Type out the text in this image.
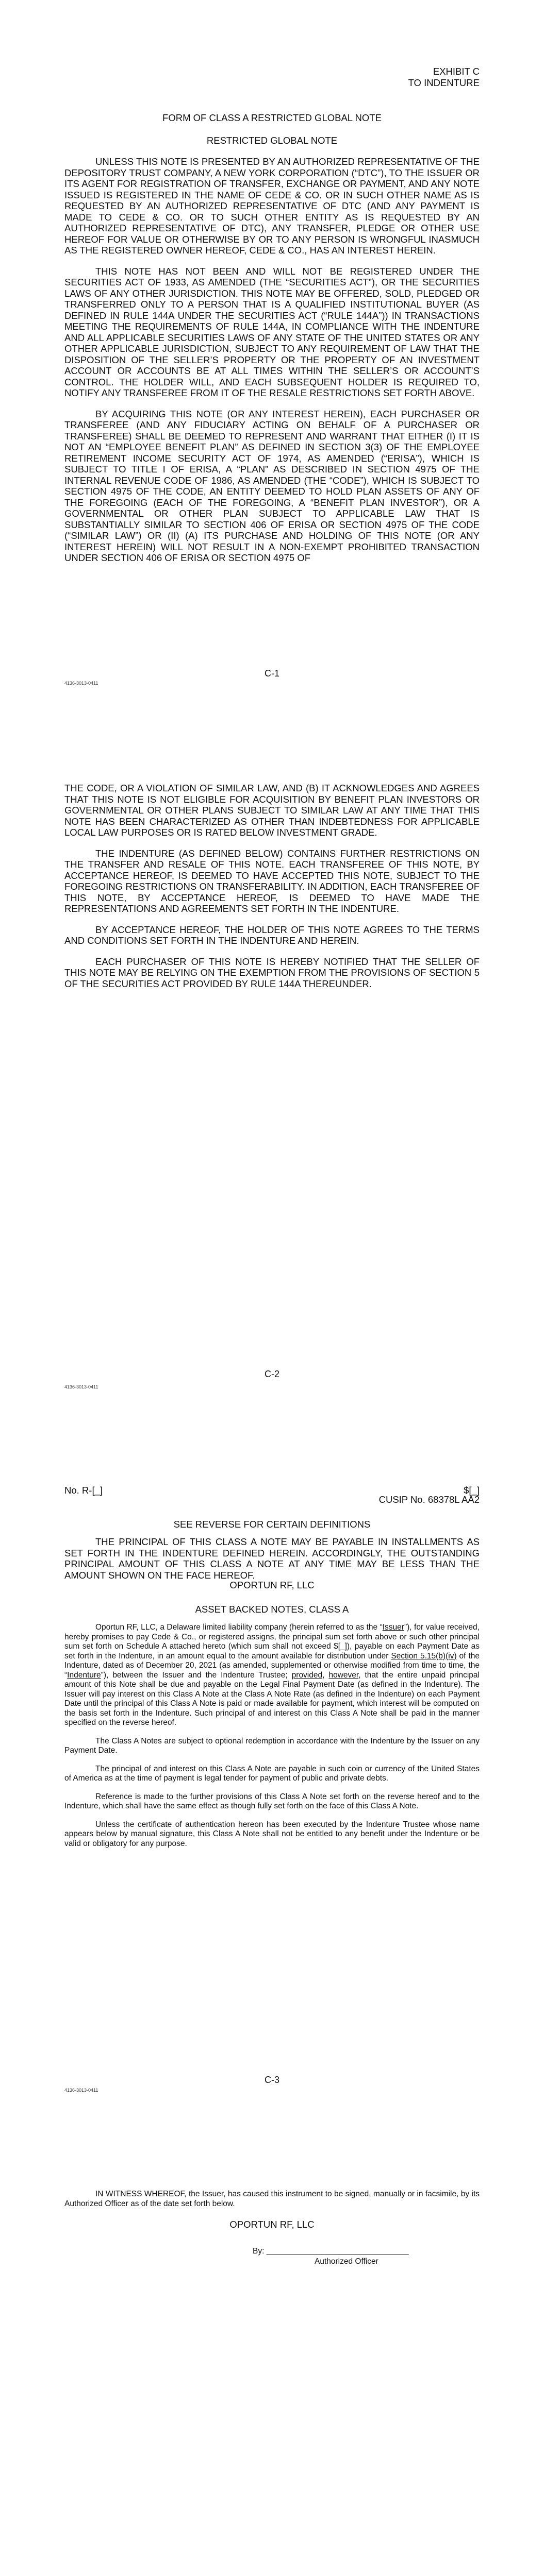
EXHIBIT C
TO INDENTURE
FORM OF CLASS A RESTRICTED GLOBAL NOTE
RESTRICTED GLOBAL NOTE

UNLESS THIS NOTE IS PRESENTED BY AN AUTHORIZED REPRESENTATIVE OF THE DEPOSITORY TRUST COMPANY, A NEW YORK CORPORATION (“DTC”), TO THE ISSUER OR ITS AGENT FOR REGISTRATION OF TRANSFER, EXCHANGE OR PAYMENT, AND ANY NOTE ISSUED IS REGISTERED IN THE NAME OF CEDE & CO. OR IN SUCH OTHER NAME AS IS REQUESTED BY AN AUTHORIZED REPRESENTATIVE OF DTC (AND ANY PAYMENT IS MADE TO CEDE & CO. OR TO SUCH OTHER ENTITY AS IS REQUESTED BY AN AUTHORIZED REPRESENTATIVE OF DTC), ANY TRANSFER, PLEDGE OR OTHER USE HEREOF FOR VALUE OR OTHERWISE BY OR TO ANY PERSON IS WRONGFUL INASMUCH AS THE REGISTERED OWNER HEREOF, CEDE & CO., HAS AN INTEREST HEREIN.

THIS NOTE HAS NOT BEEN AND WILL NOT BE REGISTERED UNDER THE SECURITIES ACT OF 1933, AS AMENDED (THE “SECURITIES ACT”), OR THE SECURITIES LAWS OF ANY OTHER JURISDICTION. THIS NOTE MAY BE OFFERED, SOLD, PLEDGED OR TRANSFERRED ONLY TO A PERSON THAT IS A QUALIFIED INSTITUTIONAL BUYER (AS DEFINED IN RULE 144A UNDER THE SECURITIES ACT (“RULE 144A”)) IN TRANSACTIONS MEETING THE REQUIREMENTS OF RULE 144A, IN COMPLIANCE WITH THE INDENTURE AND ALL APPLICABLE SECURITIES LAWS OF ANY STATE OF THE UNITED STATES OR ANY OTHER APPLICABLE JURISDICTION, SUBJECT TO ANY REQUIREMENT OF LAW THAT THE DISPOSITION OF THE SELLER’S PROPERTY OR THE PROPERTY OF AN INVESTMENT ACCOUNT OR ACCOUNTS BE AT ALL TIMES WITHIN THE SELLER’S OR ACCOUNT’S CONTROL. THE HOLDER WILL, AND EACH SUBSEQUENT HOLDER IS REQUIRED TO, NOTIFY ANY TRANSFEREE FROM IT OF THE RESALE RESTRICTIONS SET FORTH ABOVE.

BY ACQUIRING THIS NOTE (OR ANY INTEREST HEREIN), EACH PURCHASER OR TRANSFEREE (AND ANY FIDUCIARY ACTING ON BEHALF OF A PURCHASER OR TRANSFEREE) SHALL BE DEEMED TO REPRESENT AND WARRANT THAT EITHER (I) IT IS NOT AN “EMPLOYEE BENEFIT PLAN” AS DEFINED IN SECTION 3(3) OF THE EMPLOYEE RETIREMENT INCOME SECURITY ACT OF 1974, AS AMENDED (“ERISA”), WHICH IS SUBJECT TO TITLE I OF ERISA, A “PLAN” AS DESCRIBED IN SECTION 4975 OF THE INTERNAL REVENUE CODE OF 1986, AS AMENDED (THE “CODE”), WHICH IS SUBJECT TO SECTION 4975 OF THE CODE, AN ENTITY DEEMED TO HOLD PLAN ASSETS OF ANY OF THE FOREGOING (EACH OF THE FOREGOING, A “BENEFIT PLAN INVESTOR”), OR A GOVERNMENTAL OR OTHER PLAN SUBJECT TO APPLICABLE LAW THAT IS SUBSTANTIALLY SIMILAR TO SECTION 406 OF ERISA OR SECTION 4975 OF THE CODE (“SIMILAR LAW”) OR (II) (A) ITS PURCHASE AND HOLDING OF THIS NOTE (OR ANY INTEREST HEREIN) WILL NOT RESULT IN A NON-EXEMPT PROHIBITED TRANSACTION UNDER SECTION 406 OF ERISA OR SECTION 4975 OF

C-1
4136-3013-0411

THE CODE, OR A VIOLATION OF SIMILAR LAW, AND (B) IT ACKNOWLEDGES AND AGREES THAT THIS NOTE IS NOT ELIGIBLE FOR ACQUISITION BY BENEFIT PLAN INVESTORS OR GOVERNMENTAL OR OTHER PLANS SUBJECT TO SIMILAR LAW AT ANY TIME THAT THIS NOTE HAS BEEN CHARACTERIZED AS OTHER THAN INDEBTEDNESS FOR APPLICABLE LOCAL LAW PURPOSES OR IS RATED BELOW INVESTMENT GRADE.

THE INDENTURE (AS DEFINED BELOW) CONTAINS FURTHER RESTRICTIONS ON THE TRANSFER AND RESALE OF THIS NOTE. EACH TRANSFEREE OF THIS NOTE, BY ACCEPTANCE HEREOF, IS DEEMED TO HAVE ACCEPTED THIS NOTE, SUBJECT TO THE FOREGOING RESTRICTIONS ON TRANSFERABILITY. IN ADDITION, EACH TRANSFEREE OF THIS NOTE, BY ACCEPTANCE HEREOF, IS DEEMED TO HAVE MADE THE REPRESENTATIONS AND AGREEMENTS SET FORTH IN THE INDENTURE.

BY ACCEPTANCE HEREOF, THE HOLDER OF THIS NOTE AGREES TO THE TERMS AND CONDITIONS SET FORTH IN THE INDENTURE AND HEREIN.

EACH PURCHASER OF THIS NOTE IS HEREBY NOTIFIED THAT THE SELLER OF THIS NOTE MAY BE RELYING ON THE EXEMPTION FROM THE PROVISIONS OF SECTION 5 OF THE SECURITIES ACT PROVIDED BY RULE 144A THEREUNDER.

C-2
4136-3013-0411
No. R-[_]	$[_]
CUSIP No. 68378L AA2
SEE REVERSE FOR CERTAIN DEFINITIONS

THE PRINCIPAL OF THIS CLASS A NOTE MAY BE PAYABLE IN INSTALLMENTS AS SET FORTH IN THE INDENTURE DEFINED HEREIN. ACCORDINGLY, THE OUTSTANDING PRINCIPAL AMOUNT OF THIS CLASS A NOTE AT ANY TIME MAY BE LESS THAN THE AMOUNT SHOWN ON THE FACE HEREOF.

OPORTUN RF, LLC
ASSET BACKED NOTES, CLASS A

Oportun RF, LLC, a Delaware limited liability company (herein referred to as the “Issuer”), for value received, hereby promises to pay Cede & Co., or registered assigns, the principal sum set forth above or such other principal sum set forth on Schedule A attached hereto (which sum shall not exceed $[_]), payable on each Payment Date as set forth in the Indenture, in an amount equal to the amount available for distribution under Section 5.15(b)(iv) of the Indenture, dated as of December 20, 2021 (as amended, supplemented or otherwise modified from time to time, the “Indenture”), between the Issuer and the Indenture Trustee; provided, however, that the entire unpaid principal amount of this Note shall be due and payable on the Legal Final Payment Date (as defined in the Indenture). The Issuer will pay interest on this Class A Note at the Class A Note Rate (as defined in the Indenture) on each Payment Date until the principal of this Class A Note is paid or made available for payment, which interest will be computed on the basis set forth in the Indenture. Such principal of and interest on this Class A Note shall be paid in the manner specified on the reverse hereof.

The Class A Notes are subject to optional redemption in accordance with the Indenture by the Issuer on any Payment Date.

The principal of and interest on this Class A Note are payable in such coin or currency of the United States of America as at the time of payment is legal tender for payment of public and private debts.

Reference is made to the further provisions of this Class A Note set forth on the reverse hereof and to the Indenture, which shall have the same effect as though fully set forth on the face of this Class A Note.

Unless the certificate of authentication hereon has been executed by the Indenture Trustee whose name appears below by manual signature, this Class A Note shall not be entitled to any benefit under the Indenture or be valid or obligatory for any purpose.

C-3
4136-3013-0411

IN WITNESS WHEREOF, the Issuer, has caused this instrument to be signed, manually or in facsimile, by its Authorized Officer as of the date set forth below.

OPORTUN RF, LLC
By: ________________________________
Authorized Officer
